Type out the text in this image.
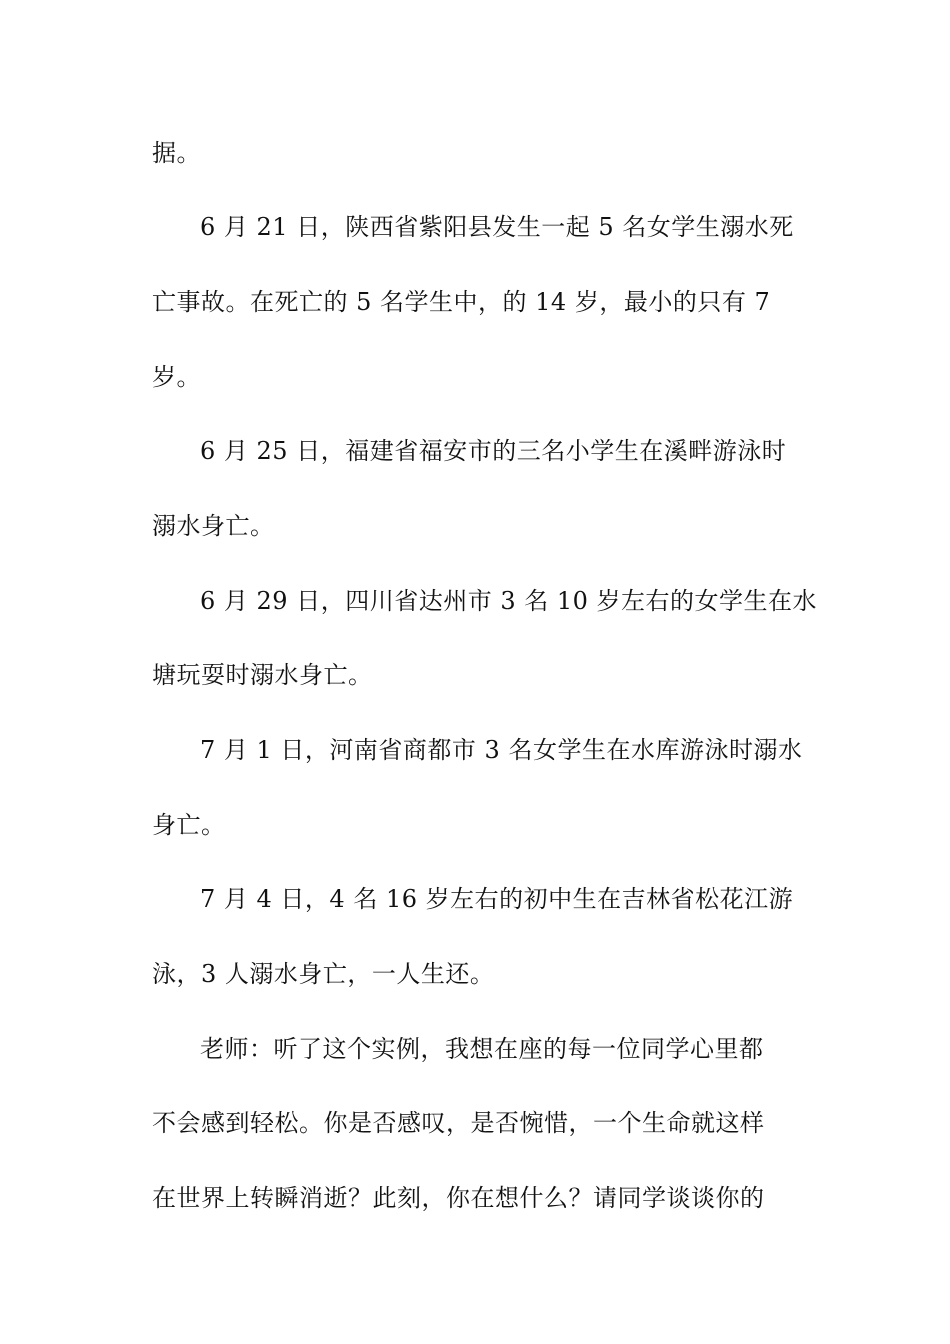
据。
6 月 21 日，陕西省紫阳县发生一起 5 名女学生溺水死
亡事故。在死亡的 5 名学生中，的 14 岁，最小的只有 7
岁。
6 月 25 日，福建省福安市的三名小学生在溪畔游泳时
溺水身亡。
6 月 29 日，四川省达州市 3 名 10 岁左右的女学生在水
塘玩耍时溺水身亡。
7 月 1 日，河南省商都市 3 名女学生在水库游泳时溺水
身亡。
7 月 4 日，4 名 16 岁左右的初中生在吉林省松花江游
泳，3 人溺水身亡，一人生还。
老师：听了这个实例，我想在座的每一位同学心里都
不会感到轻松。你是否感叹，是否惋惜，一个生命就这样
在世界上转瞬消逝？此刻，你在想什么？请同学谈谈你的
